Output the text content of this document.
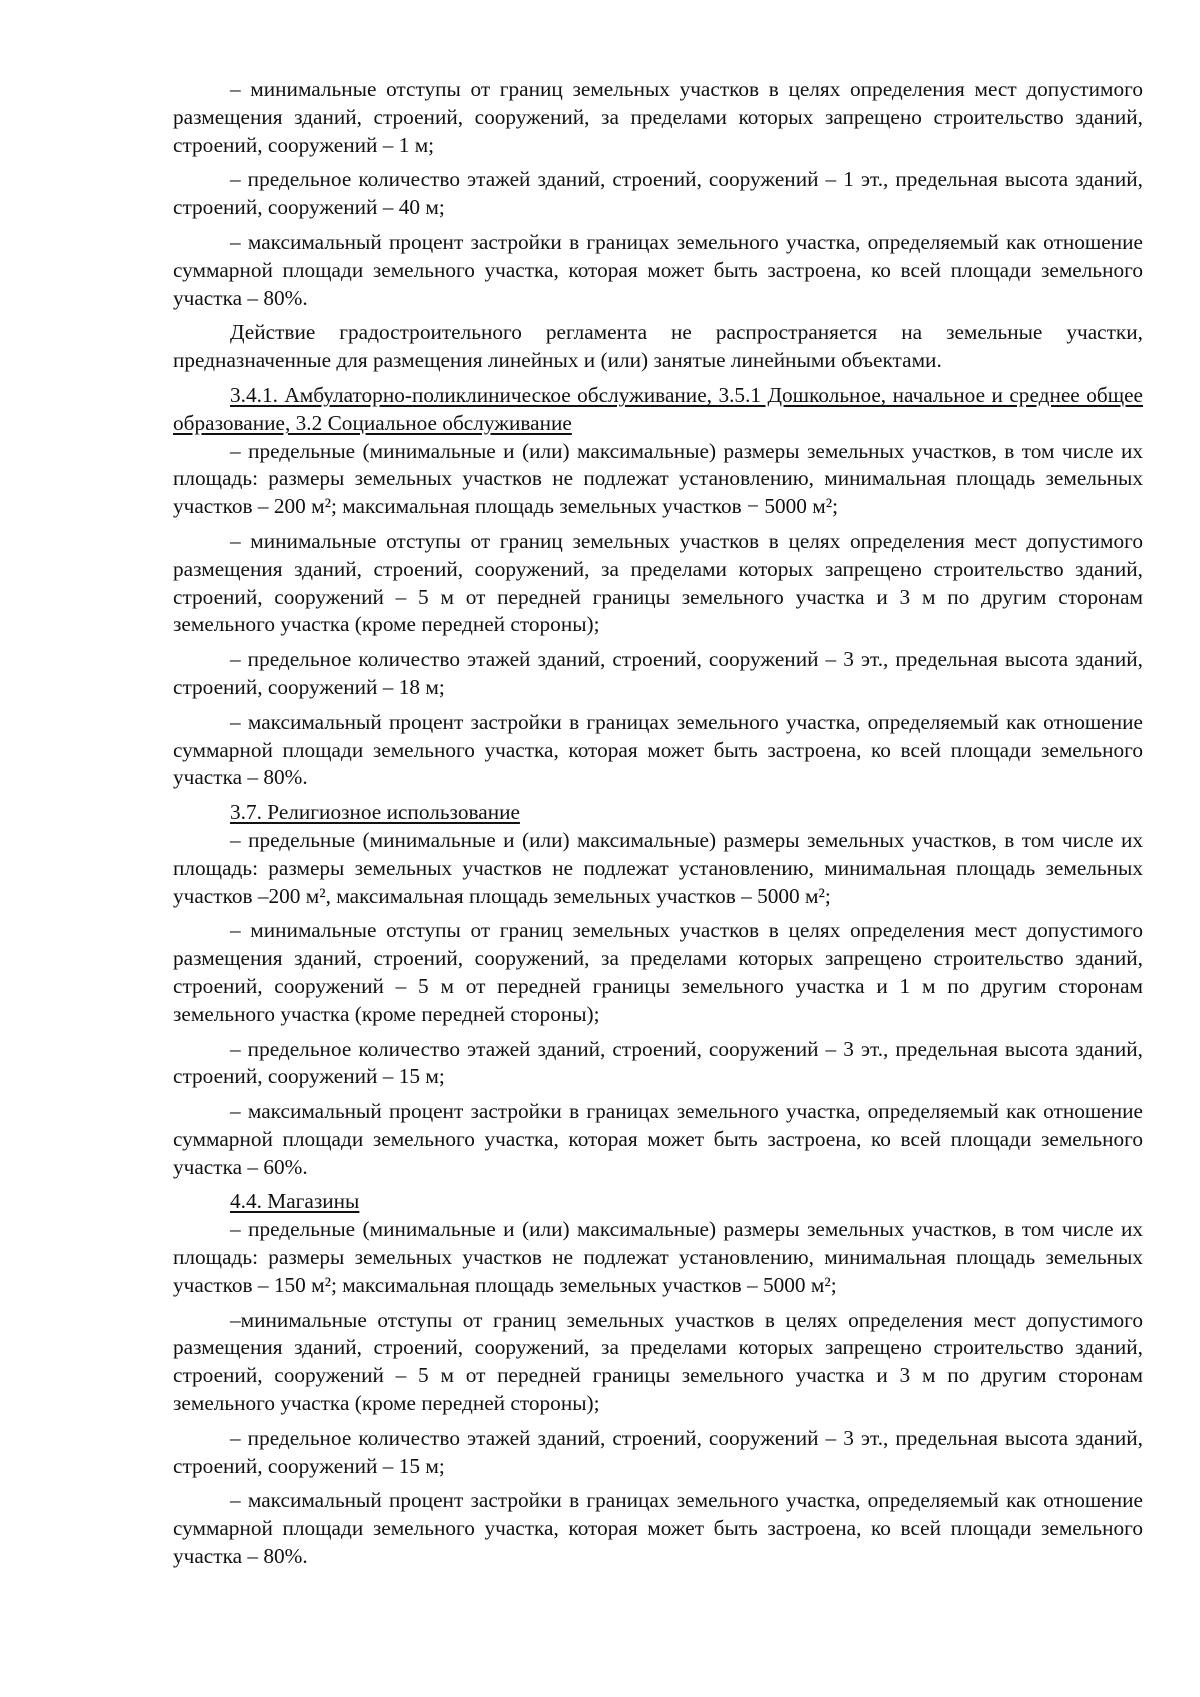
– минимальные отступы от границ земельных участков в целях определения мест допустимого размещения зданий, строений, сооружений, за пределами которых запрещено строительство зданий, строений, сооружений – 1 м;

– предельное количество этажей зданий, строений, сооружений – 1 эт., предельная высота зданий, строений, сооружений – 40 м;

– максимальный процент застройки в границах земельного участка, определяемый как отношение суммарной площади земельного участка, которая может быть застроена, ко всей площади земельного участка – 80%.

Действие градостроительного регламента не распространяется на земельные участки, предназначенные для размещения линейных и (или) занятые линейными объектами.

3.4.1. Амбулаторно-поликлиническое обслуживание, 3.5.1 Дошкольное, начальное и среднее общее образование, 3.2 Социальное обслуживание

– предельные (минимальные и (или) максимальные) размеры земельных участков, в том числе их площадь: размеры земельных участков не подлежат установлению, минимальная площадь земельных участков – 200 м²; максимальная площадь земельных участков − 5000 м²;

– минимальные отступы от границ земельных участков в целях определения мест допустимого размещения зданий, строений, сооружений, за пределами которых запрещено строительство зданий, строений, сооружений – 5 м от передней границы земельного участка и 3 м по другим сторонам земельного участка (кроме передней стороны);

– предельное количество этажей зданий, строений, сооружений – 3 эт., предельная высота зданий, строений, сооружений – 18 м;

– максимальный процент застройки в границах земельного участка, определяемый как отношение суммарной площади земельного участка, которая может быть застроена, ко всей площади земельного участка – 80%.

3.7. Религиозное использование

– предельные (минимальные и (или) максимальные) размеры земельных участков, в том числе их площадь: размеры земельных участков не подлежат установлению, минимальная площадь земельных участков –200 м², максимальная площадь земельных участков – 5000 м²;

– минимальные отступы от границ земельных участков в целях определения мест допустимого размещения зданий, строений, сооружений, за пределами которых запрещено строительство зданий, строений, сооружений – 5 м от передней границы земельного участка и 1 м по другим сторонам земельного участка (кроме передней стороны);

– предельное количество этажей зданий, строений, сооружений – 3 эт., предельная высота зданий, строений, сооружений – 15 м;

– максимальный процент застройки в границах земельного участка, определяемый как отношение суммарной площади земельного участка, которая может быть застроена, ко всей площади земельного участка – 60%.

4.4. Магазины

– предельные (минимальные и (или) максимальные) размеры земельных участков, в том числе их площадь: размеры земельных участков не подлежат установлению, минимальная площадь земельных участков – 150 м²; максимальная площадь земельных участков – 5000 м²;

–минимальные отступы от границ земельных участков в целях определения мест допустимого размещения зданий, строений, сооружений, за пределами которых запрещено строительство зданий, строений, сооружений – 5 м от передней границы земельного участка и 3 м по другим сторонам земельного участка (кроме передней стороны);

– предельное количество этажей зданий, строений, сооружений – 3 эт., предельная высота зданий, строений, сооружений – 15 м;

– максимальный процент застройки в границах земельного участка, определяемый как отношение суммарной площади земельного участка, которая может быть застроена, ко всей площади земельного участка – 80%.
